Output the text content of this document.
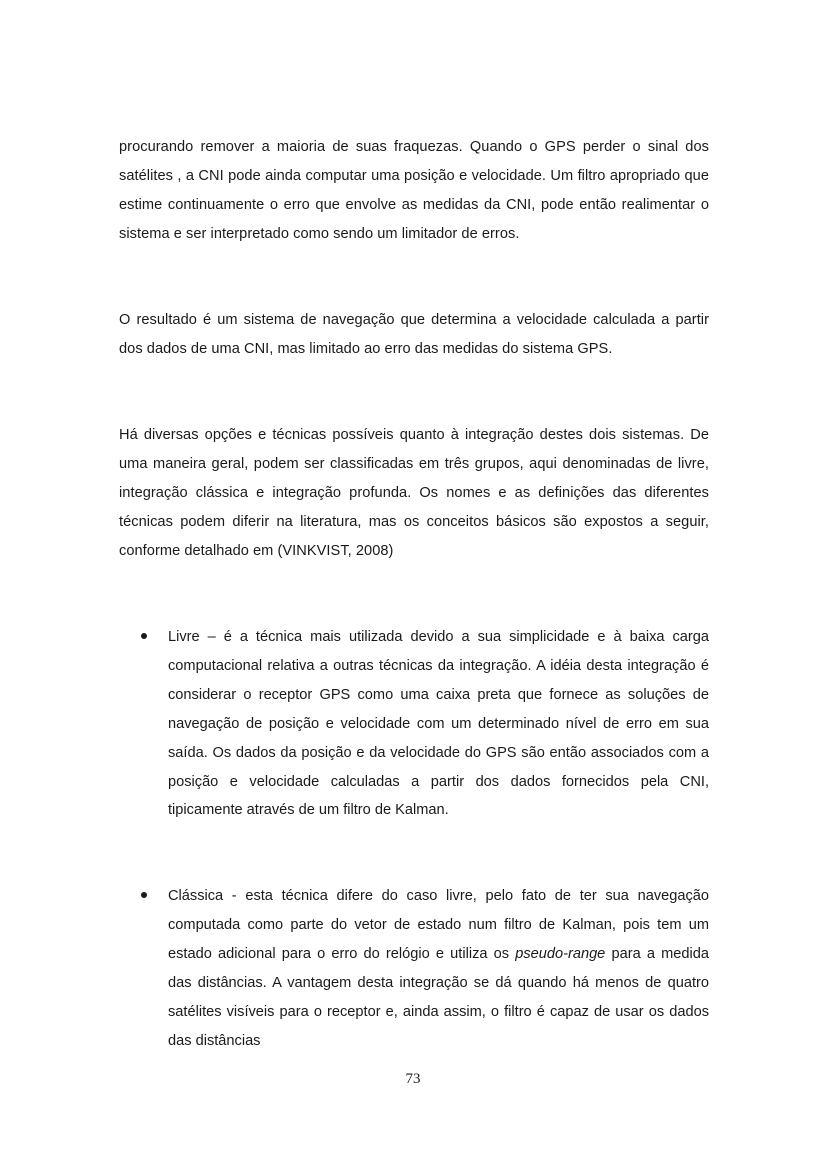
procurando remover a maioria de suas fraquezas. Quando o GPS perder o sinal dos satélites , a CNI pode ainda computar uma posição e velocidade. Um filtro apropriado que estime continuamente o erro que envolve as medidas da CNI, pode então realimentar o sistema e ser interpretado como sendo um limitador de erros.

O resultado é um sistema de navegação que determina a velocidade calculada a partir dos dados de uma CNI, mas limitado ao erro das medidas do sistema GPS.

Há diversas opções e técnicas possíveis quanto à integração destes dois sistemas. De uma maneira geral, podem ser classificadas em três grupos, aqui denominadas de livre, integração clássica e integração profunda. Os nomes e as definições das diferentes técnicas podem diferir na literatura, mas os conceitos básicos são expostos a seguir, conforme detalhado em (VINKVIST, 2008)

Livre – é a técnica mais utilizada devido a sua simplicidade e à baixa carga computacional relativa a outras técnicas da integração. A idéia desta integração é considerar o receptor GPS como uma caixa preta que fornece as soluções de navegação de posição e velocidade com um determinado nível de erro em sua saída. Os dados da posição e da velocidade do GPS são então associados com a posição e velocidade calculadas a partir dos dados fornecidos pela CNI, tipicamente através de um filtro de Kalman.

Clássica - esta técnica difere do caso livre, pelo fato de ter sua navegação computada como parte do vetor de estado num filtro de Kalman, pois tem um estado adicional para o erro do relógio e utiliza os pseudo-range para a medida das distâncias. A vantagem desta integração se dá quando há menos de quatro satélites visíveis para o receptor e, ainda assim, o filtro é capaz de usar os dados das distâncias

73
